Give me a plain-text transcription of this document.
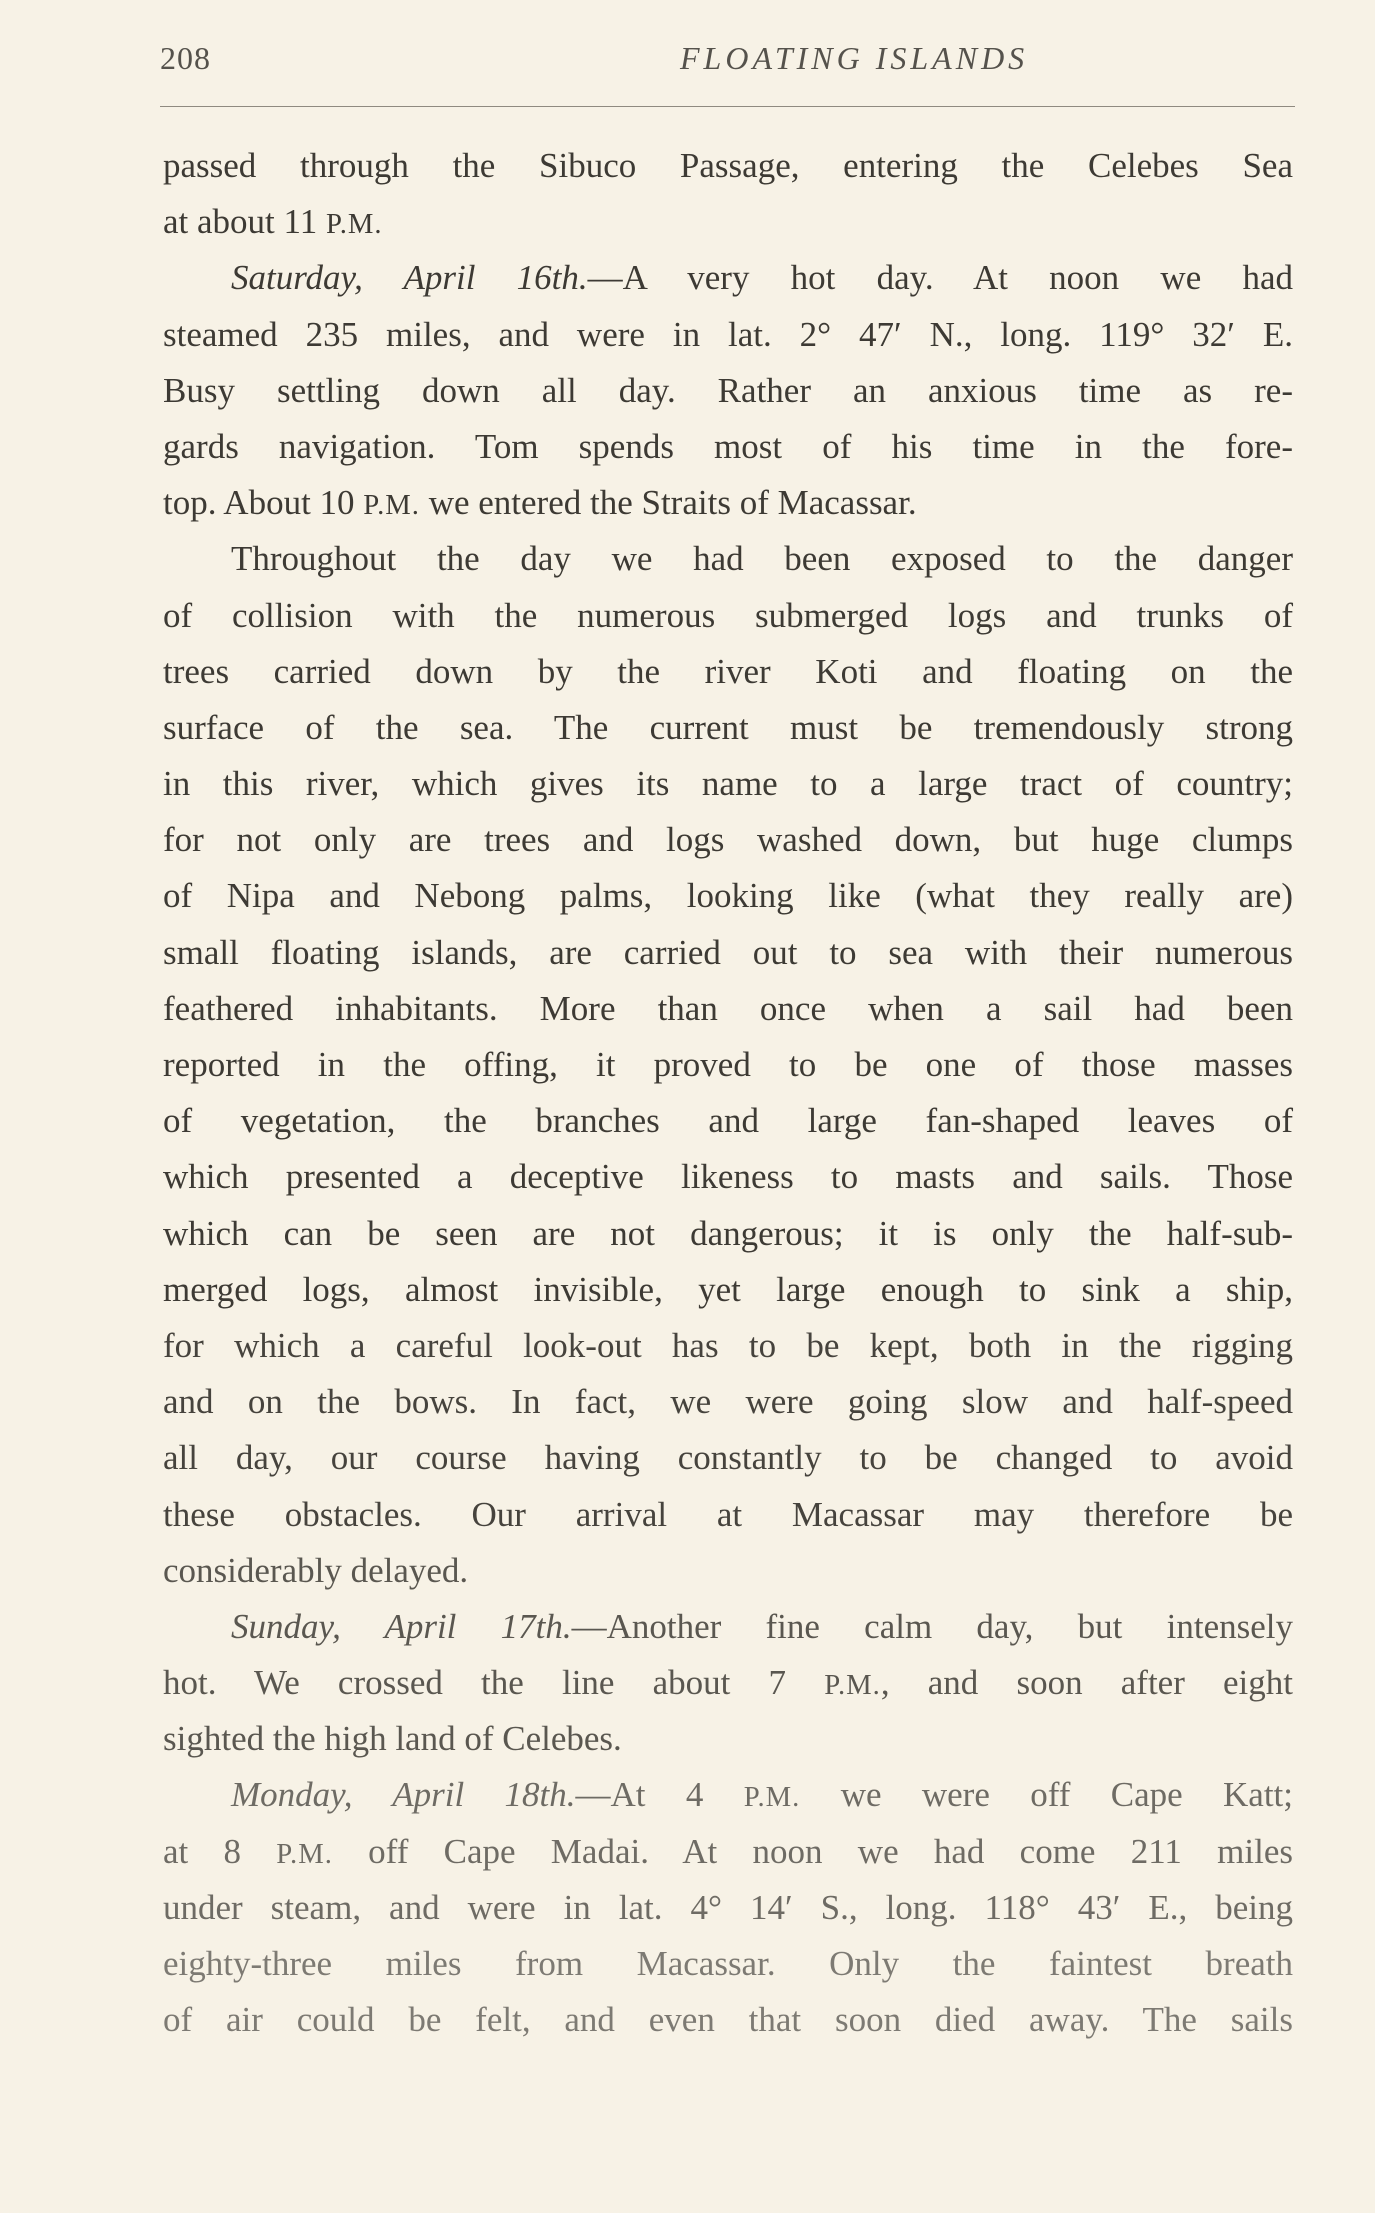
208	FLOATING ISLANDS
passed through the Sibuco Passage, entering the Celebes Sea
at about 11 P.M.
Saturday, April 16th.—A very hot day. At noon we had
steamed 235 miles, and were in lat. 2° 47′ N., long. 119° 32′ E.
Busy settling down all day. Rather an anxious time as re-
gards navigation. Tom spends most of his time in the fore-
top. About 10 P.M. we entered the Straits of Macassar.
Throughout the day we had been exposed to the danger
of collision with the numerous submerged logs and trunks of
trees carried down by the river Koti and floating on the
surface of the sea. The current must be tremendously strong
in this river, which gives its name to a large tract of country;
for not only are trees and logs washed down, but huge clumps
of Nipa and Nebong palms, looking like (what they really are)
small floating islands, are carried out to sea with their numerous
feathered inhabitants. More than once when a sail had been
reported in the offing, it proved to be one of those masses
of vegetation, the branches and large fan-shaped leaves of
which presented a deceptive likeness to masts and sails. Those
which can be seen are not dangerous; it is only the half-sub-
merged logs, almost invisible, yet large enough to sink a ship,
for which a careful look-out has to be kept, both in the rigging
and on the bows. In fact, we were going slow and half-speed
all day, our course having constantly to be changed to avoid
these obstacles. Our arrival at Macassar may therefore be
considerably delayed.
Sunday, April 17th.—Another fine calm day, but intensely
hot. We crossed the line about 7 P.M., and soon after eight
sighted the high land of Celebes.
Monday, April 18th.—At 4 P.M. we were off Cape Katt;
at 8 P.M. off Cape Madai. At noon we had come 211 miles
under steam, and were in lat. 4° 14′ S., long. 118° 43′ E., being
eighty-three miles from Macassar. Only the faintest breath
of air could be felt, and even that soon died away. The sails
